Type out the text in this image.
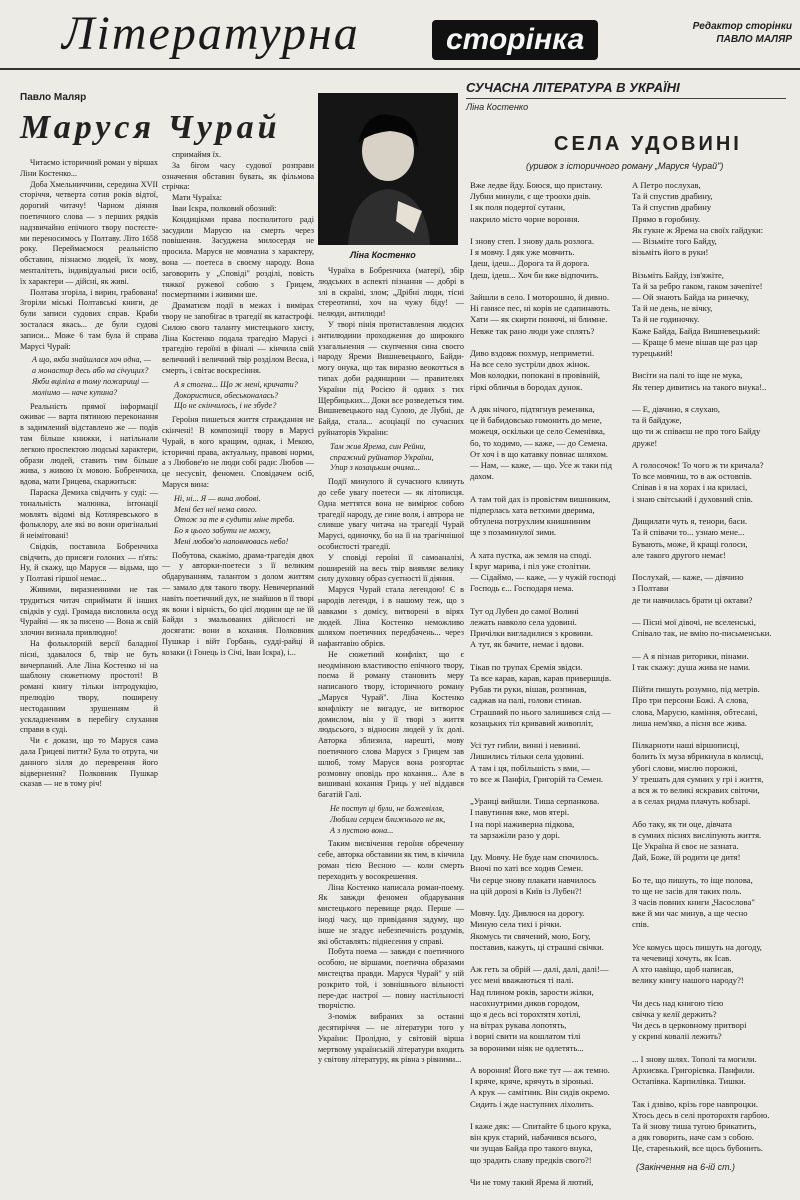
Літературна	сторінка	Редактор сторінки
ПАВЛО МАЛЯР
Павло Маляр
Маруся Чурай
СУЧАСНА ЛІТЕРАТУРА В УКРАЇНІ
Ліна Костенко
СЕЛА УДОВИНІ
(уривок з історичного роману „Маруся Чурай")
Ліна Костенко

Читаємо історичний роман у віршах Ліни Костенко...

Доба Хмельниччини, середина XVII сторіччя, четверта сотня років відтої, дорогий читачу! Чарном діяння поетичного слова — з перших рядків надзвичайно епічного твору постєсте-ми переносимось у Полтаву. Літо 1658 року. Переймаємося реальністю обставин, пізнаємо людей, їх мову, менталітеть, індивідуальні риси осіб, їх характери — дійсні, як живі.

Полтава згоріла, і вирин, грабована! Згоріли міські Полтавські книги, де були записи судових справ. Краби зосталася якась... де були судові записи... Може 6 там була й справа Марусі Чурай:

А що, якби знайшлася хоч одна, —
а монастир десь або на січущих?
Якби вціліла в тому пожарищі —
моліимо — наче купина?

Реальність прямої інформації оживає — варта пятиною переконання в задимлений відставлено же — подів там більше книжки, і натільнали легкою проспектою людські характери, образи людей, ставить тим більше жива, з живою їх мовою. Бобренчиха, вдова, мати Грицева, скаржиться:

Параска Демиха свідчить у суді: — тональність малюнка, інтонації мовлять відомі від Котляревського в фольклору, але які во вони оригінальні й неімітовані!

Свідків, поставила Бобренчиха свідчить, до присяги голоних — п'ять: Ну, й скажу, що Маруся — відьма, що у Полтаві гіршої немає...

Живими, виразнеиними не так трудиться читач сприймати й інших свідків у суді. Громада висловила осуд Чурайні — як за писено — Вона ж свій злочин визнала привлюдно!

На фольклорній версії баладної пісні, здавалося б, твір не буть вичерпаний. Але Ліна Костенко ні на шаблону сюжетному простоті! В романі книгу тільки інтродукцію, прелюдію твору, поширену нестоданним зрушенням й ускладненням в перебігу слухання справи в суді.

Чи є докази, що то Маруся сама дала Грицеві питти? Була то отрута, чи данного зілля до переврення його відвернення? Полковник Пушкар сказав — не в тому річ!

спримаймя їх.

За бігом часу судової розправи означення обставин бувать, як фільмова стрічка:

Мати Чураїха:

Іваи Іскра, полковий обозний:

Кондицікми права посполитого раді засудили Марусю на смерть через повішення. Засуджена милосердя не просила. Маруся не мовчазна з характеру, вона — поетеса в своєму народу. Вона заговорить у „Сповіді" розділі, повість тяжкої ружевої собою з Грицем, посмертними і живими ше.

Драматизм події в межах і вимірах твору не запобігає в трагедії як катастрофі. Силою свого таланту мистецького хисту, Ліна Костенко подала трагедію Марусі і трагедію героїні в фіналі — кінчила свій величний і величний твір розділом Весна, і смерть, і світає воскресіння.

А я стогна... Що ж мені, кричати?
Докористися, обеськоналась?
Що не скінчилось, і не збуде?

Героїня пишеться життя страждання не скінчені! В композиції твору в Марусі Чурай, в кого кращим, однак, і Мекою, історичні права, актуальну, правові норми, а з Любове'ю не люди собі ради: Любов — це несусвіт, феномен. Сповідачем осіб, Маруся вина:

Ні, ні... Я — вина любові.
Мені без неї нема свого.
Отож за те я судити міне треба.
Бо я цього забути не можу,
Мені любов'ю наповнювась небо!

Побутова, скажімо, драма-трагедія двох — у авторки-поетеси з її великим обдаруванням, талантом з долом життям — замало для такого твору. Невичерпаний навіть поетичний дух, не знайшов в її творі як вони і вірність, бо цієї людини ще не їй Байди з змальованих дійсності не досягати: вони в кохання. Полковник Пушкар і війт Горбань, судді-райці й козаки (і Гонець із Січі, Іван Іскра), і...

Чураїха в Бобренчиха (матері), збір людських в аспекті пізнання — добрі в злі в скраїні, злом; „Дрібні люди, тісні стереотипні, хоч на чужу біду! — нелюди, антилюди!

У творі пінія протиставлення людсих антилюдини проходження до широкого узагальнення — скупчення сина своєго народу Яреми Вишневецького, Байди-могу онука, що так виразно веокотться в типах доби радянщини — правителях України під Росією й одних з тих Щербицьких... Доки все розведеться тим. Вишневецького над Сулою, де Лубні, де Байда, стала... асоціації по сучасних руйнаторів України:

Там жив Ярема, син Рейни,
спражний руйнатор України,
Упир з козацьким очима...

Події минулого й сучасного клинуть до себе увагу поетеси — як літописця. Одна меттятся вона не вимірює собою трагедії народу, де гине воля, і автрора не сливше увагу читача на трагедії Чурай Марусі, одиночку, бо на її на трагічнішої особистості трагедії.

У сповіді героїні її самоаналізі, поширеній на весь твір виявляє велику силу духовну образ суєтності її діяння.

Маруся Чурай стала легендою! Є в народів легенди, і в нашому теж, що з навками з домісу, витворені в вірях людей. Ліна Костенко неможливо шляхом поетичних передбачень... через нафантавію обрієв.

Не сюжетний конфлікт, що є неодмінною властивостю епічного твору, поєма й роману становить меру написаного твору, історичного роману „Маруся Чурай". Ліна Костенко конфлікту не вигадує, не витворює домислом, він у її творі з життя людьсього, з відносин людей у їх долі. Авторка зблизила, нарешті, мову поетичного слова Маруся з Грицем зав шлюб, тому Маруся вона розгортає розмовну оповідь про кохання... Але в вишивані кохання Гриць у неї віддався багатій Галі.

Не поступ ці були, не божевілля,
Любили серцем ближнього не як,
А з пустою вона...

Таким висвічення героїня обреченну себе, авторка обставини як тим, в кінчила роман тією Весною — коли смерть переходить у восокрешення.

Ліна Костенко написала роман-поему. Як завжди феномен обдарування мистецького перевище рядо. Перше — іноді часу, що привідання задуму, що інше не згадує небезпечність роздумів, які обставлять: піднесення у справі.

Побута поема — завжди є поетичного особою, не віршами, поетична образами мистецтва правди. Маруся Чурай" у ній розкрито той, і зовнішнього вільності пере-дає настрої — повну настільності творчістю.

З-поміж вибраних за останні десятиріччя — не літератури того у України: Пролідно, у світовій вірша мертвому українській літератури входить у світову літературу, як рівна з рівними...

Вже ледве йду. Боюся, що пристану.
Лубни минули, є ще троохи днів.
І як поля подертої сутани,
накрило місто чорне вороння.

І знову степ. І знову даль розлога.
І я мовчу. І дяк уже мовчить.
Ідеш, ідеш... Дорога та й дорога.
Ідеш, ідеш... Хоч би вже відпочить.

Зайшли в село. І моторошно, й дивно.
Ні ганисе пес, ні корів не сдапинають.
Хати — як скирти понючі, ні блимне.
Невже так рано люди уже сплять?

Диво вздовж похмур, неприметні.
На все село зустріли двох жінок.
Мов колодки, попокані в провівній,
гіркі обличья в бородах дунок.

А дяк нічого, підтягнув ременика,
це й бабидовсько гомонить до мене,
можеця, оскільки це село Семенівка,
бо, то ходимо, — каже, — до Семена.
От хоч і в що катавку повнає шляхом.
— Нам, — каже, — що. Усе ж таки під
дахом.

А там той дах із провістям вишниким,
підперлась хата ветхими дверима,
обтулена потрухлим книшниним
ще з позаминулої зими.

А хата пустка, аж земля на споді.
І круг марива, і піл уже столітни.
— Сідаймо, — каже, — у чужій господі
Господь є... Господаря нема.

Тут од Лубен до самої Волині
лежать навколо села удовині.
Причілки вигладилися з кровини.
А тут, як бачите, немає і вдови.

Тікав по трупах Єремія звідси.
Та все карав, карав, карав привершців.
Рубав ти руки, вішав, розпинав,
саджав на палі, голови стинав.
Страшний по нього залишився слід —
козацьких тіл кривавий живопліт,

Усі тут гибли, винні і невинні.
Лишились тільки села удовині.
А там і ця, побільшість з вми, —
то все ж Панфіл, Григорій та Семен.

„Уранці вийшли. Тиша серпанкова.
І павутиння вже, мов ятері.
І на порі наживерна підкова,
та зарзажіли разо у дорі.

Іду. Мовчу. Не буде нам спочилось.
Вночі по хаті все ходив Семен.
Чи серце знову плакати навчилось
на цій дорозі в Київ із Лубен?!

Мовчу. Іду. Дивлюся на дорогу.
Миную села тихі і річки.
Якомусь ти свячений, мою, Богу,
поставив, кажуть, ці страшні свічки.

Аж геть за обрій — далі, далі, далі!—
уєс мені вважаються ті палі.
Над плином років, зарости жілки,
насохнутрими диков городом,
що я десь всі торохтятя хотілі,
на вітрах рукава лопотять,
і ворні свити на кошлатом тілі
за вороними ніяк не одлетять...

А вороння! Його вже тут — аж темно.
І кряче, кряче, крячуть в зіронькі.
А крук — самітник. Він сидів окремо.
Сидить і жде наступних ліхолить.

І каже дяк: — Спитайте б цього крука,
він крук старий, набачився всього,
чи зущав Байда про такого внука,
що зрадить славу предків свого?!

Чи не тому такий Ярема й лютий,

А Петро послухав,
Та й спустив драбину,
Та й спустив драбину
Прямо в горобину.
Як гукне ж Ярема на своїх гайдуки:
— Візьміте того Байду,
візьміть його в руки!

Візьміть Байду, ізв'яжіте,
Та й за ребро гаком, гаком зачепіте!
— Ой знають Байда на ринечку,
Та й не день, не вічку,
Та й не годиночку.
Каже Байда, Байда Вишневецький:
— Краще б мене вішав ще раз цар
турецький!

Висіти на палі то іще не мука,
Як тепер дивитись на такого внука!..

— Е, дівчино, я слухаю,
та й байдуже,
що ти ж співаєш не про того Байду
друже!

А голосочок! То чого ж ти кричала?
То все мовчиш, то в аж остовпів.
Співав і я на хорах і на криласі,
і знаю світський і духовний спів.

Дищилати чуть я, тенори, баси.
Та й співачи то... узнаю мене...
Бувають, може, й кращі голоси,
але такого другого немає!

Послухай, — каже, — дівчино
з Полтави
де ти навчилась брати ці октави?

— Пісні мої дівочі, не вселенські,
Співало так, не вмію по-письменськи.

— А я пізнав риторики, пінами.
І так скажу: душа жива не нами.

Пійти пишуть розумно, під метрів.
Про три персони Божі. А слова,
слова, Марусю, каміння, обтесані,
лиша нем'яко, а пісня все жива.

Пілкарноти наші віршописці,
болить їх муза вбрикнула в колисці,
убогі слови, мислю порожні,
У трешать для сумних у грі і життя,
а вся ж то великі яскравих світочи,
а в селах ридма плачуть кобзарі.

Або таку, як ти оце, дівчата
в сумних піснях висліпують життя.
Це Україна й своє не зазната.
Дай, Боже, їй родити це дитя!

Бо те, що пишуть, то іще полова,
то ще не засів для таких поль.
З часів повних книги „Часослова"
вже й ми час минув, а ще чесно
спів.

Усе комусь щось пишуть на догоду,
та чечевиці хочуть, як Ісав.
А хто навіщо, щоб написав,
велику книгу нашого народу?!

Чи десь над книгою тією
свічка у келії держить?
Чи десь в церковному притворі
у скрині коваліі лежить?

... І знову шлях. Тополі та могили.
Архиєвка. Григорієвка. Панфили.
Остапівка. Карпилівка. Тишки.

Так і дзвіво, крізь горе навпроцки.
Хтось десь в селі проторохтя гарбою.
Та й знову тиша тугою брикатить,
а дяк говорить, наче сам з собою.
Це, старенький, все щось бубонить.

(Закінчення на 6-ій ст.)
